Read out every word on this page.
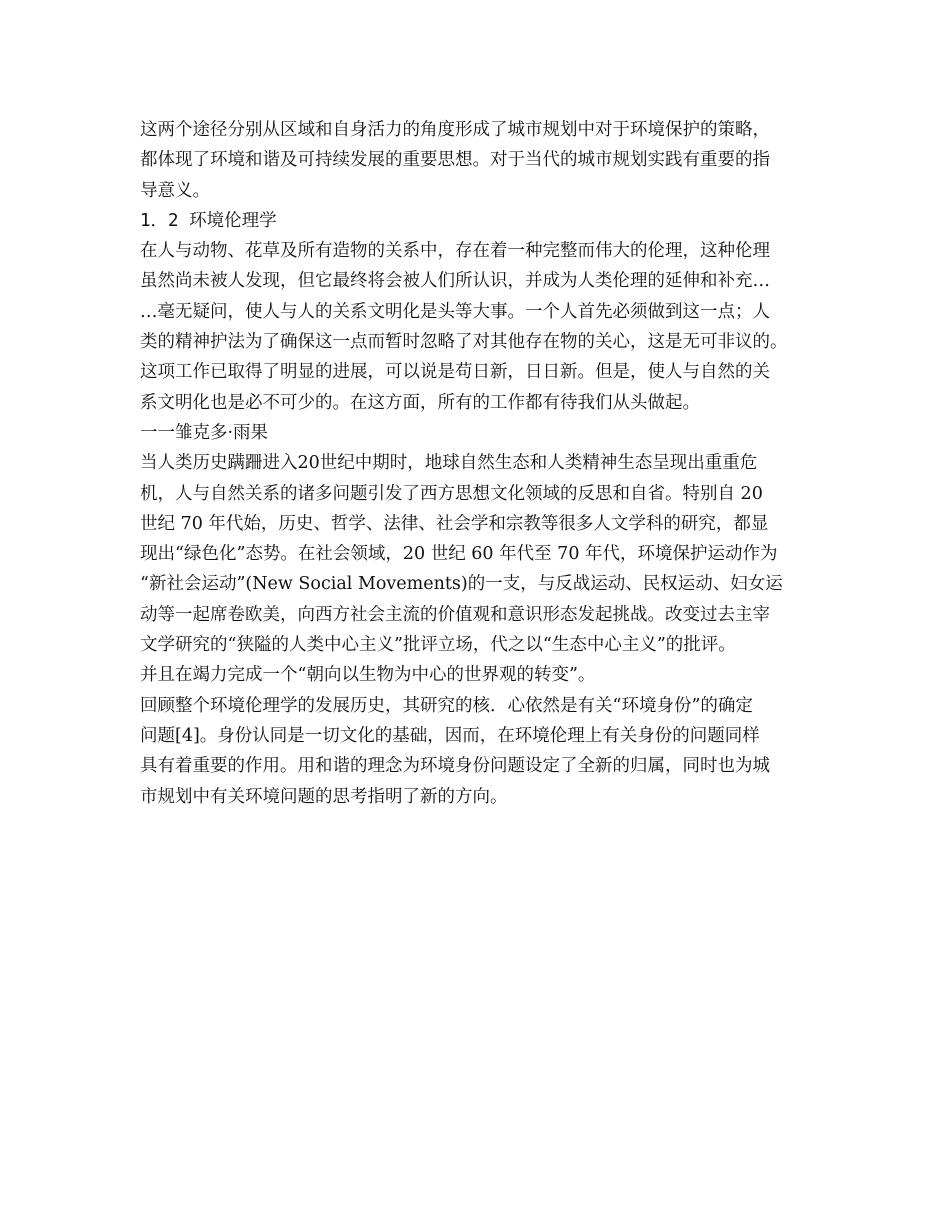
这两个途径分别从区域和自身活力的角度形成了城市规划中对于环境保护的策略，
都体现了环境和谐及可持续发展的重要思想。对于当代的城市规划实践有重要的指
导意义。
1．2 环境伦理学
在人与动物、花草及所有造物的关系中，存在着一种完整而伟大的伦理，这种伦理
虽然尚未被人发现，但它最终将会被人们所认识，并成为人类伦理的延伸和补充…
…毫无疑问，使人与人的关系文明化是头等大事。一个人首先必须做到这一点；人
类的精神护法为了确保这一点而暂时忽略了对其他存在物的关心，这是无可非议的。
这项工作已取得了明显的进展，可以说是苟日新，日日新。但是，使人与自然的关
系文明化也是必不可少的。在这方面，所有的工作都有待我们从头做起。
一一雏克多·雨果
当人类历史蹒跚进入20世纪中期时，地球自然生态和人类精神生态呈现出重重危
机，人与自然关系的诸多问题引发了西方思想文化领域的反思和自省。特别自 20
世纪 70 年代始，历史、哲学、法律、社会学和宗教等很多人文学科的研究，都显
现出“绿色化”态势。在社会领域，20 世纪 60 年代至 70 年代，环境保护运动作为
“新社会运动”(New Social Movements)的一支，与反战运动、民权运动、妇女运
动等一起席卷欧美，向西方社会主流的价值观和意识形态发起挑战。改变过去主宰
文学研究的“狭隘的人类中心主义”批评立场，代之以“生态中心主义”的批评。
并且在竭力完成一个“朝向以生物为中心的世界观的转变”。
回顾整个环境伦理学的发展历史，其研究的核．心依然是有关“环境身份”的确定
问题[4]。身份认同是一切文化的基础，因而，在环境伦理上有关身份的问题同样
具有着重要的作用。用和谐的理念为环境身份问题设定了全新的归属，同时也为城
市规划中有关环境问题的思考指明了新的方向。
